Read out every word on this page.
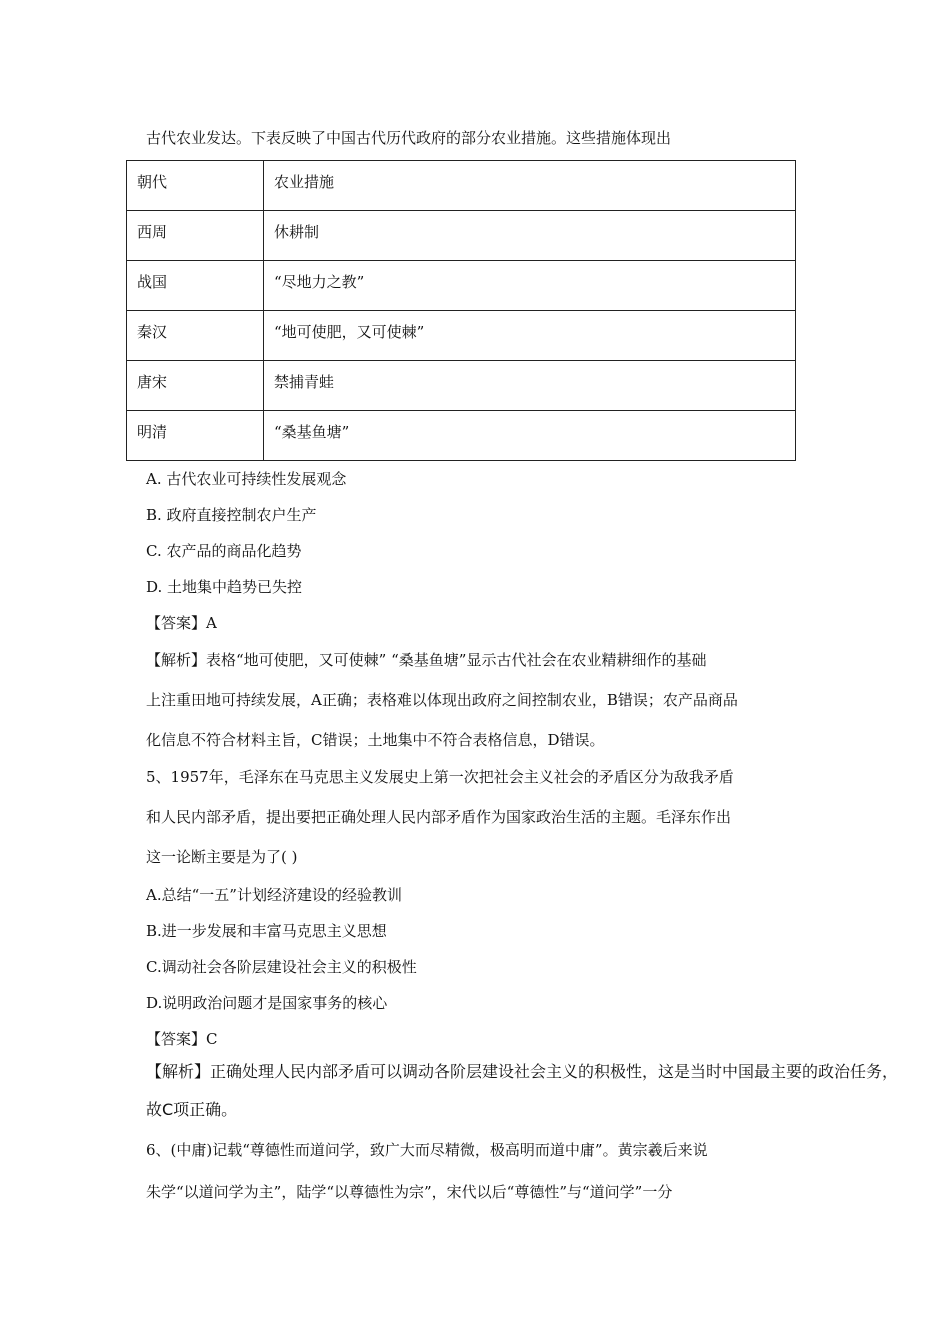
古代农业发达。下表反映了中国古代历代政府的部分农业措施。这些措施体现出
朝代	农业措施
西周	休耕制
战国	“尽地力之教”
秦汉	“地可使肥，又可使棘”
唐宋	禁捕青蛙
明清	“桑基鱼塘”
A. 古代农业可持续性发展观念
B. 政府直接控制农户生产
C. 农产品的商品化趋势
D. 土地集中趋势已失控
【答案】A
【解析】表格“地可使肥，又可使棘” “桑基鱼塘”显示古代社会在农业精耕细作的基础
上注重田地可持续发展，A正确；表格难以体现出政府之间控制农业，B错误；农产品商品
化信息不符合材料主旨，C错误；土地集中不符合表格信息，D错误。
5、1957年，毛泽东在马克思主义发展史上第一次把社会主义社会的矛盾区分为敌我矛盾
和人民内部矛盾，提出要把正确处理人民内部矛盾作为国家政治生活的主题。毛泽东作出
这一论断主要是为了( )
A.总结“一五”计划经济建设的经验教训
B.进一步发展和丰富马克思主义思想
C.调动社会各阶层建设社会主义的积极性
D.说明政治问题才是国家事务的核心
【答案】C
【解析】正确处理人民内部矛盾可以调动各阶层建设社会主义的积极性，这是当时中国最主要的政治任务，
故C项正确。
6、(中庸)记载“尊德性而道问学，致广大而尽精微，极高明而道中庸”。黄宗羲后来说
朱学“以道问学为主”，陆学“以尊德性为宗”，宋代以后“尊德性”与“道问学”一分
